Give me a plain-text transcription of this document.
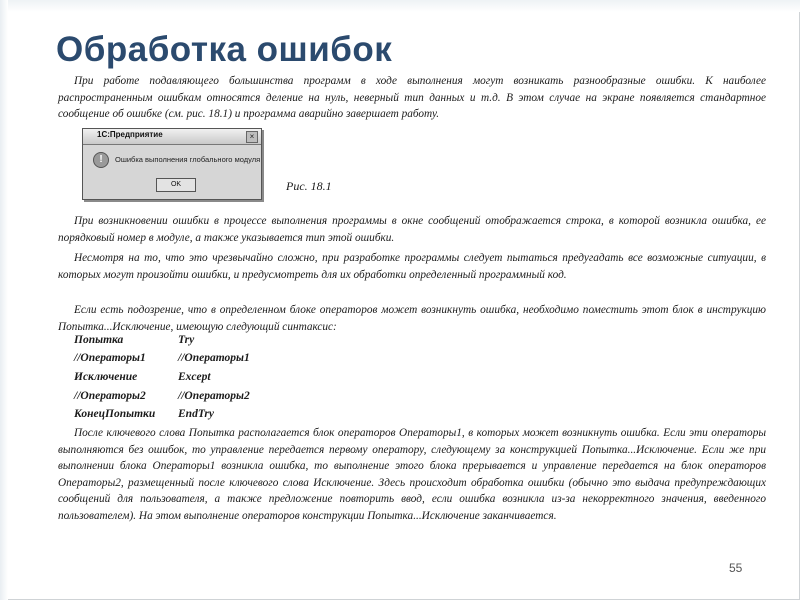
Обработка ошибок

При работе подавляющего большинства программ в ходе выполнения могут возникать разнообразные ошибки. К наиболее распространенным ошибкам относятся деление на нуль, неверный тип данных и т.д. В этом случае на экране появляется стандартное сообщение об ошибке (см. рис. 18.1) и программа аварийно завершает работу.

1С:Предприятие	×
!	Ошибка выполнения глобального модуля
OK	Рис. 18.1

При возникновении ошибки в процессе выполнения программы в окне сообщений отображается строка, в которой возникла ошибка, ее порядковый номер в модуле, а также указывается тип этой ошибки.

Несмотря на то, что это чрезвычайно сложно, при разработке программы следует пытаться предугадать все возможные ситуации, в которых могут произойти ошибки, и предусмотреть для их обработки определенный программный код.

Если есть подозрение, что в определенном блоке операторов может возникнуть ошибка, необходимо поместить этот блок в инструкцию Попытка...Исключение, имеющую следующий синтаксис:

Попытка	Try
//Операторы1	//Операторы1
Исключение	Except
//Операторы2	//Операторы2
КонецПопытки EndTry

После ключевого слова Попытка располагается блок операторов Операторы1, в которых может возникнуть ошибка. Если эти операторы выполняются без ошибок, то управление передается первому оператору, следующему за конструкцией Попытка...Исключение. Если же при выполнении блока Операторы1 возникла ошибка, то выполнение этого блока прерывается и управление передается на блок операторов Операторы2, размещенный после ключевого слова Исключение. Здесь происходит обработка ошибки (обычно это выдача предупреждающих сообщений для пользователя, а также предложение повторить ввод, если ошибка возникла из-за некорректного значения, введенного пользователем). На этом выполнение операторов конструкции Попытка...Исключение заканчивается.

55
